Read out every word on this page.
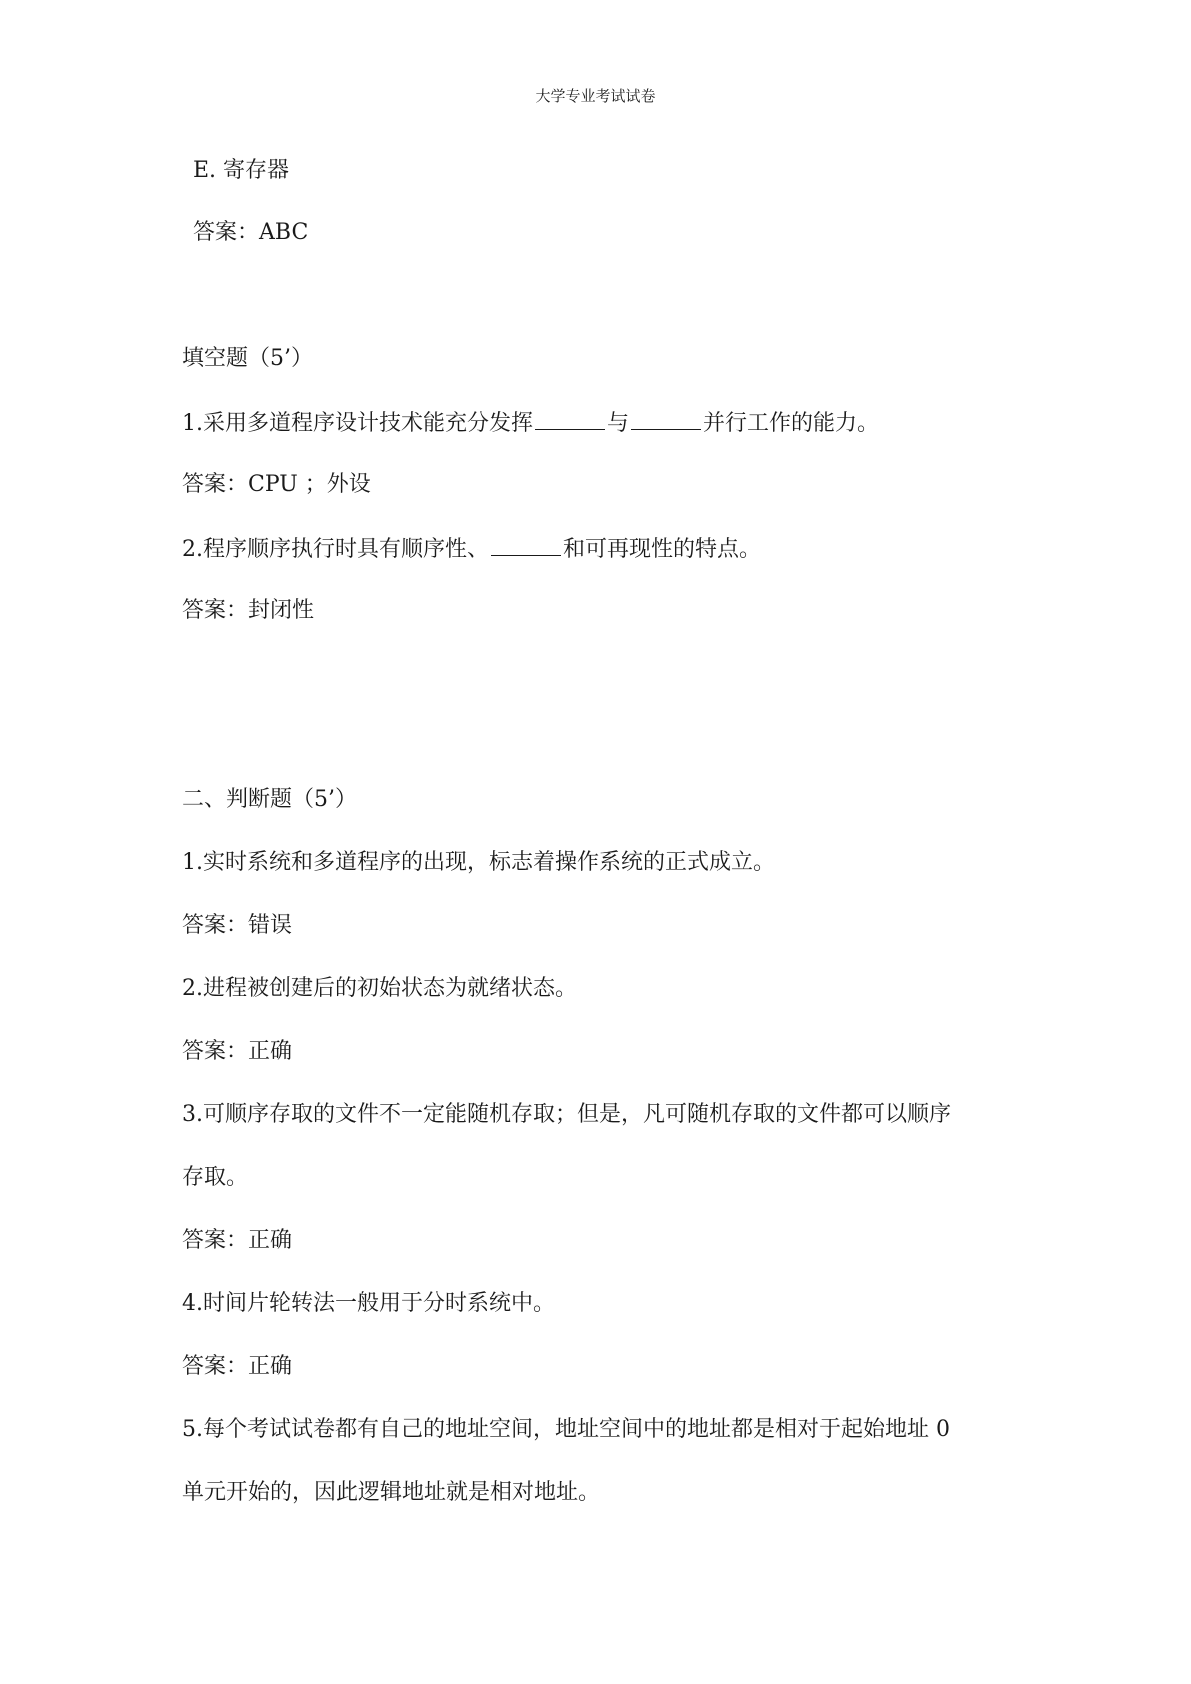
大学专业考试试卷
E. 寄存器
答案：ABC
填空题（5’）
1.采用多道程序设计技术能充分发挥	与	并行工作的能力。
答案：CPU ；外设
2.程序顺序执行时具有顺序性、	和可再现性的特点。
答案：封闭性
二、判断题（5’）
1.实时系统和多道程序的出现，标志着操作系统的正式成立。
答案：错误
2.进程被创建后的初始状态为就绪状态。
答案：正确
3.可顺序存取的文件不一定能随机存取；但是，凡可随机存取的文件都可以顺序
存取。
答案：正确
4.时间片轮转法一般用于分时系统中。
答案：正确
5.每个考试试卷都有自己的地址空间，地址空间中的地址都是相对于起始地址 0
单元开始的，因此逻辑地址就是相对地址。
